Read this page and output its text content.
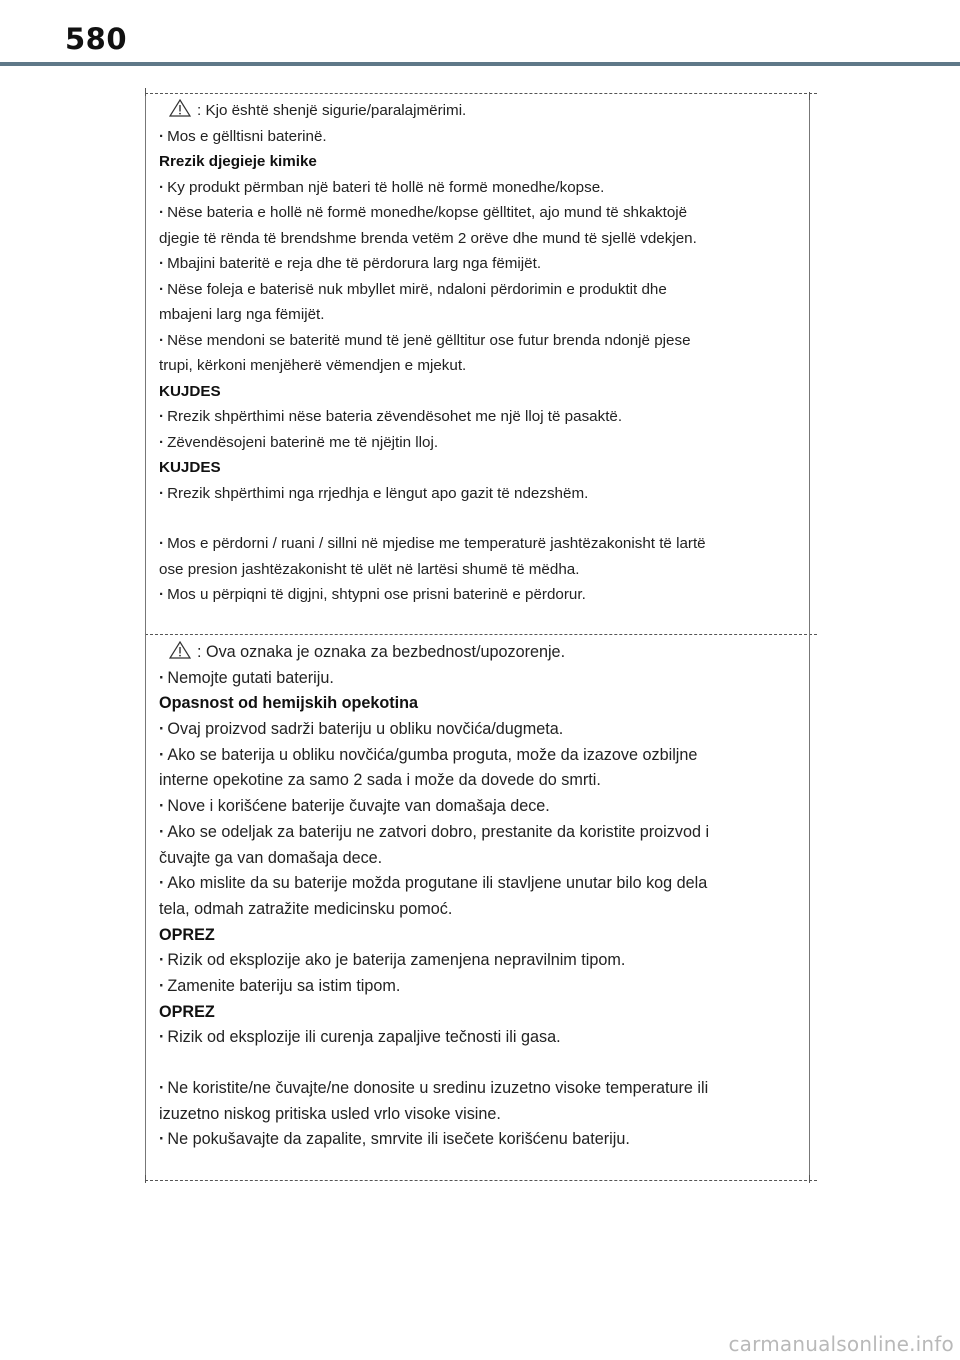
580
: Kjo është shenjë sigurie/paralajmërimi.
· Mos e gëlltisni baterinë.
Rrezik djegieje kimike
· Ky produkt përmban një bateri të hollë në formë monedhe/kopse.
· Nëse bateria e hollë në formë monedhe/kopse gëlltitet, ajo mund të shkaktojë
djegie të rënda të brendshme brenda vetëm 2 orëve dhe mund të sjellë vdekjen.
· Mbajini bateritë e reja dhe të përdorura larg nga fëmijët.
· Nëse foleja e baterisë nuk mbyllet mirë, ndaloni përdorimin e produktit dhe
mbajeni larg nga fëmijët.
· Nëse mendoni se bateritë mund të jenë gëlltitur ose futur brenda ndonjë pjese
trupi, kërkoni menjëherë vëmendjen e mjekut.
KUJDES
· Rrezik shpërthimi nëse bateria zëvendësohet me një lloj të pasaktë.
· Zëvendësojeni baterinë me të njëjtin lloj.
KUJDES
· Rrezik shpërthimi nga rrjedhja e lëngut apo gazit të ndezshëm.
· Mos e përdorni / ruani / sillni në mjedise me temperaturë jashtëzakonisht të lartë
ose presion jashtëzakonisht të ulët në lartësi shumë të mëdha.
· Mos u përpiqni të digjni, shtypni ose prisni baterinë e përdorur.
: Ova oznaka je oznaka za bezbednost/upozorenje.
· Nemojte gutati bateriju.
Opasnost od hemijskih opekotina
· Ovaj proizvod sadrži bateriju u obliku novčića/dugmeta.
· Ako se baterija u obliku novčića/gumba proguta, može da izazove ozbiljne
interne opekotine za samo 2 sada i može da dovede do smrti.
· Nove i korišćene baterije čuvajte van domašaja dece.
· Ako se odeljak za bateriju ne zatvori dobro, prestanite da koristite proizvod i
čuvajte ga van domašaja dece.
· Ako mislite da su baterije možda progutane ili stavljene unutar bilo kog dela
tela, odmah zatražite medicinsku pomoć.
OPREZ
· Rizik od eksplozije ako je baterija zamenjena nepravilnim tipom.
· Zamenite bateriju sa istim tipom.
OPREZ
· Rizik od eksplozije ili curenja zapaljive tečnosti ili gasa.
· Ne koristite/ne čuvajte/ne donosite u sredinu izuzetno visoke temperature ili
izuzetno niskog pritiska usled vrlo visoke visine.
· Ne pokušavajte da zapalite, smrvite ili isečete korišćenu bateriju.
carmanualsonline.info
